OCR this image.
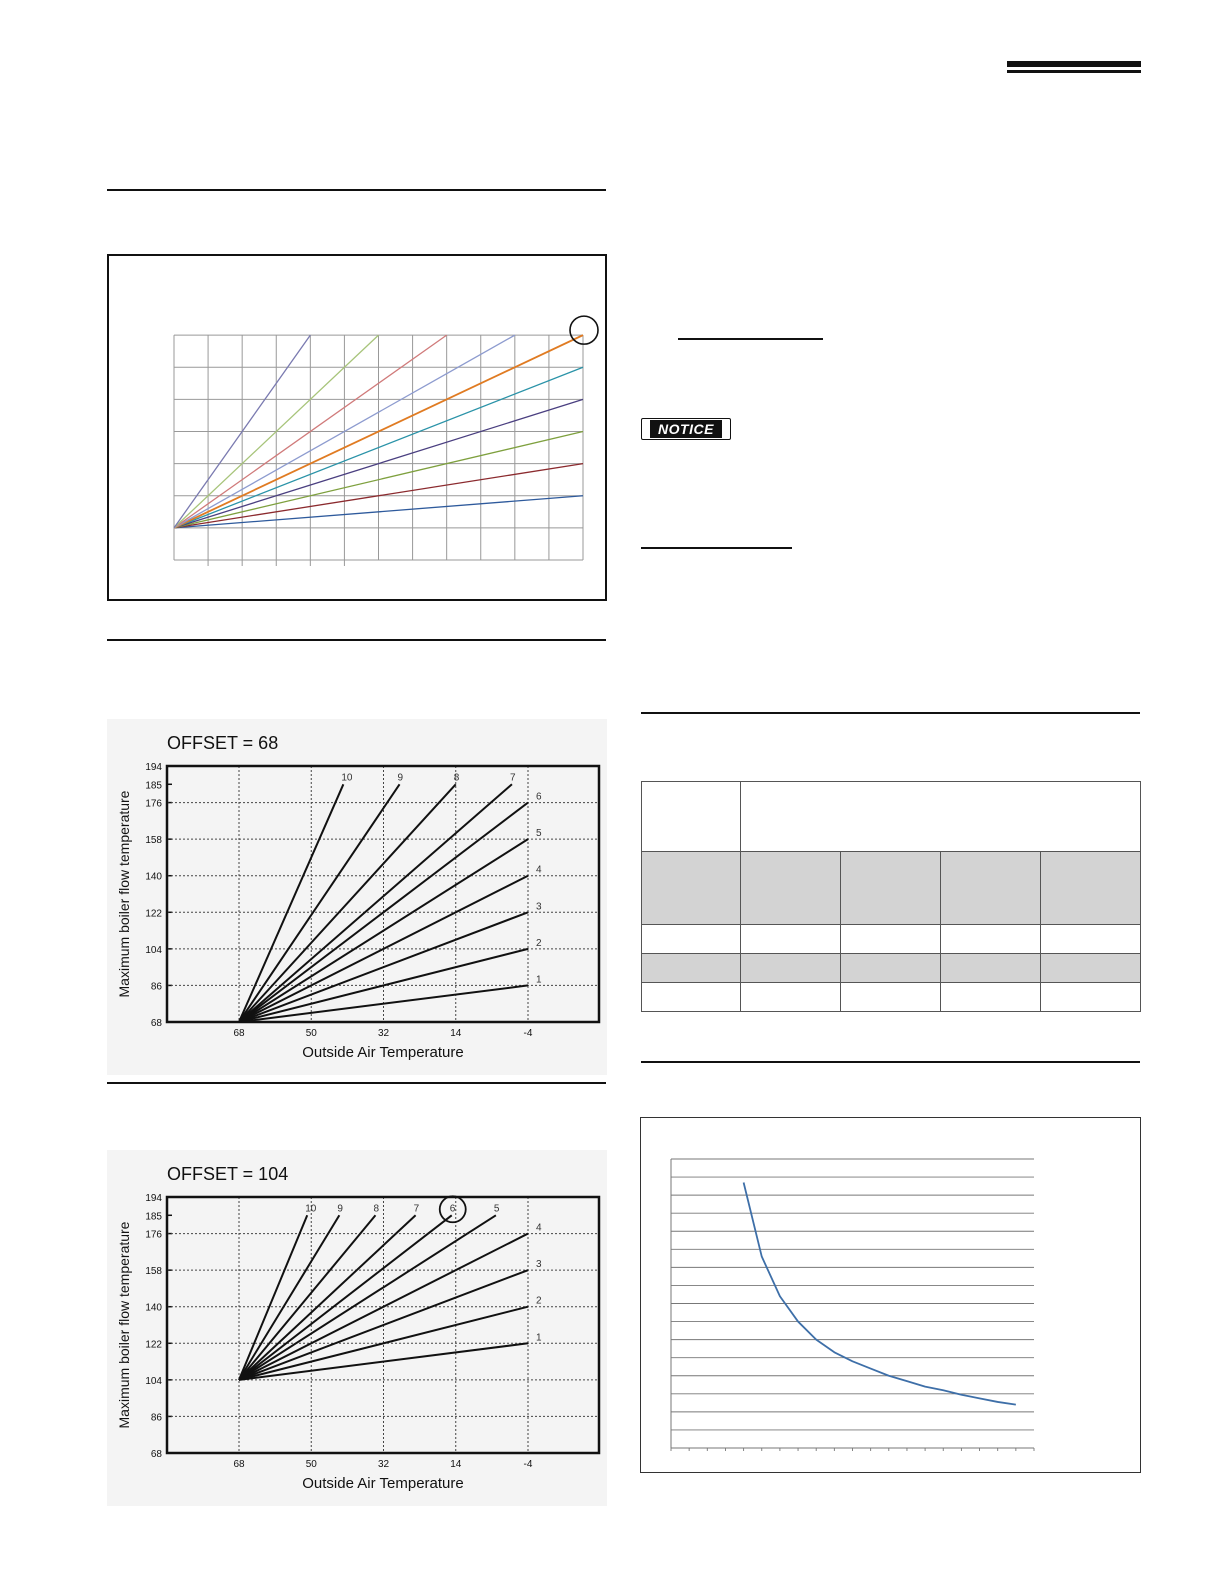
NOTICE
OFFSET = 68
194
185
176
158
140
122
104
86
68
68	50	32	14	-4
1
2
3
4
5
6
7
8
9
10
Outside Air Temperature
Maximum boiler flow temperature
OFFSET = 104
194
185
176
158
140
122
104
86
68
68	50	32	14	-4
1
2
3
4
5
6
7
8
9
10
Outside Air Temperature
Maximum boiler flow temperature
